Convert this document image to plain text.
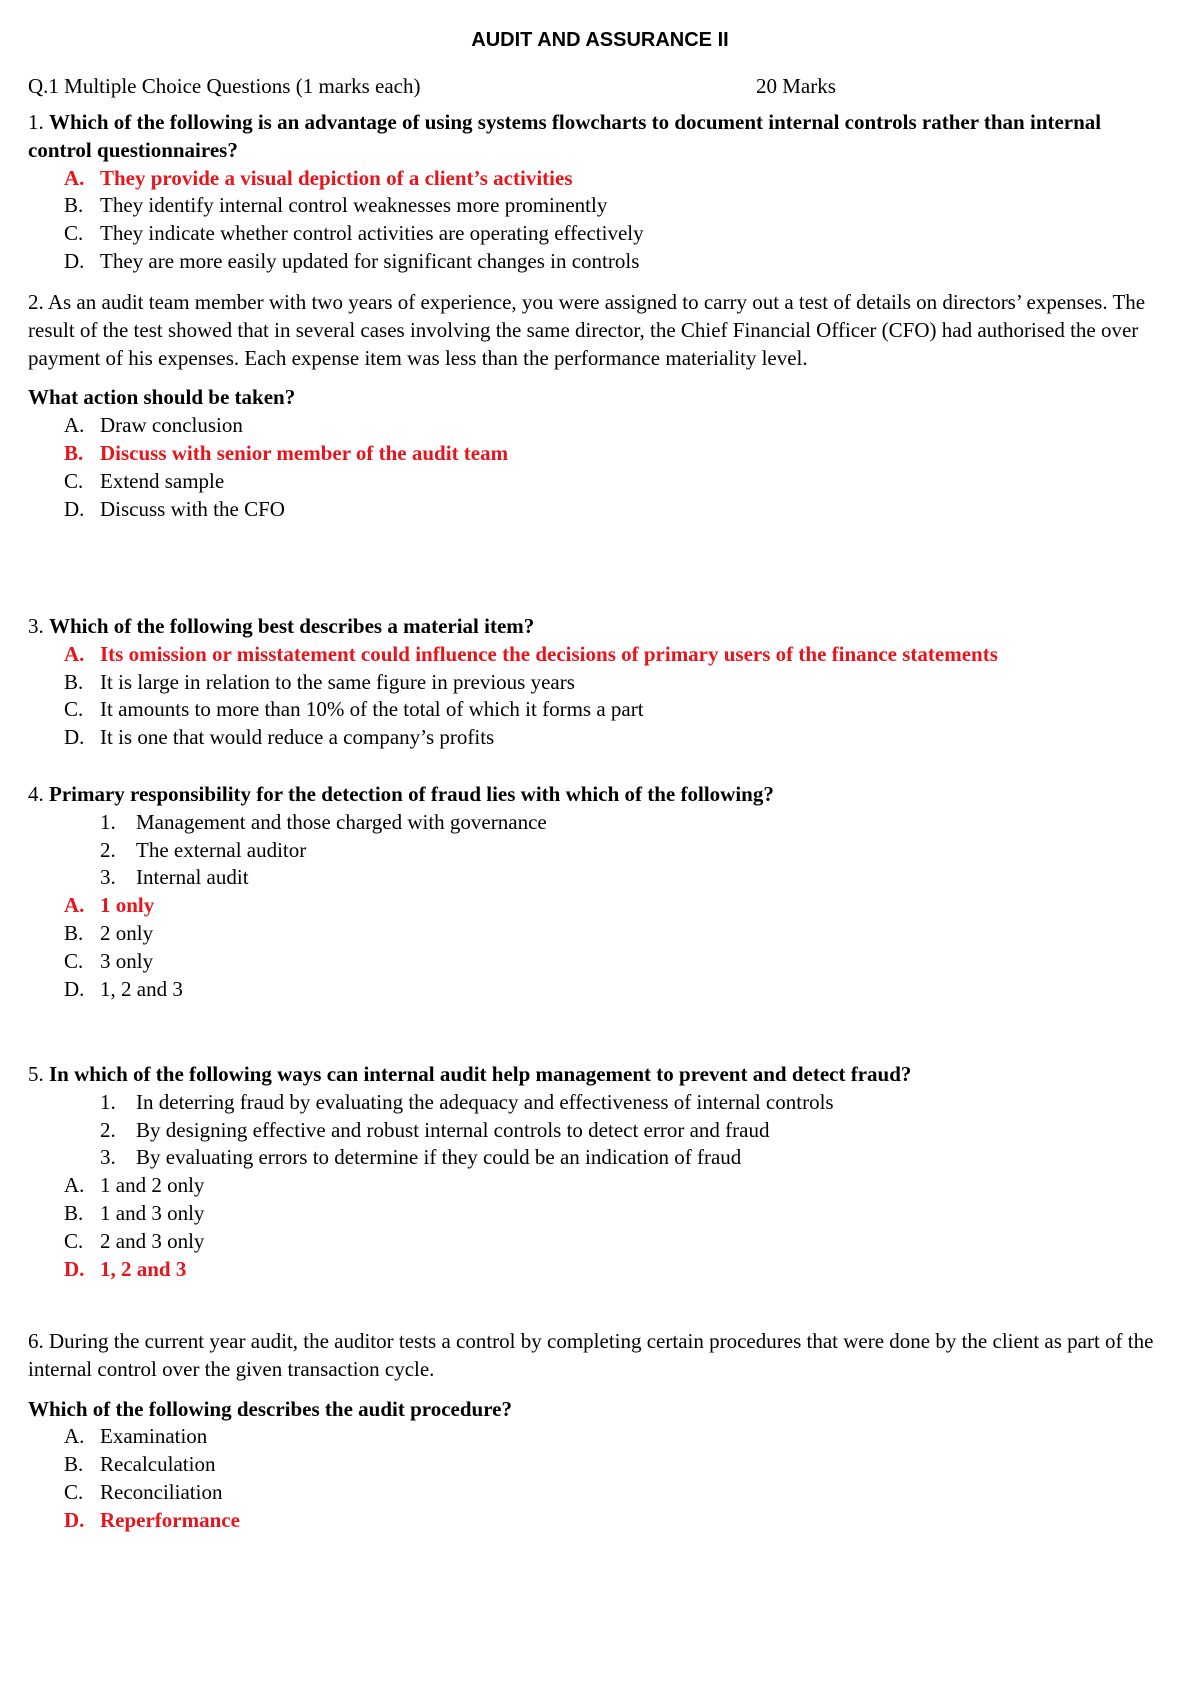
AUDIT AND ASSURANCE II
Q.1 Multiple Choice Questions (1 marks each)	20 Marks

1. Which of the following is an advantage of using systems flowcharts to document internal controls rather than internal control questionnaires?

A. They provide a visual depiction of a client’s activities
B. They identify internal control weaknesses more prominently
C. They indicate whether control activities are operating effectively
D. They are more easily updated for significant changes in controls

2. As an audit team member with two years of experience, you were assigned to carry out a test of details on directors’ expenses. The result of the test showed that in several cases involving the same director, the Chief Financial Officer (CFO) had authorised the over payment of his expenses. Each expense item was less than the performance materiality level.

What action should be taken?

A. Draw conclusion
B. Discuss with senior member of the audit team
C. Extend sample
D. Discuss with the CFO

3. Which of the following best describes a material item?

A. Its omission or misstatement could influence the decisions of primary users of the finance statements
B. It is large in relation to the same figure in previous years
C. It amounts to more than 10% of the total of which it forms a part
D. It is one that would reduce a company’s profits

4. Primary responsibility for the detection of fraud lies with which of the following?

1. Management and those charged with governance
2. The external auditor
3. Internal audit
A. 1 only
B. 2 only
C. 3 only
D. 1, 2 and 3

5. In which of the following ways can internal audit help management to prevent and detect fraud?

1. In deterring fraud by evaluating the adequacy and effectiveness of internal controls
2. By designing effective and robust internal controls to detect error and fraud
3. By evaluating errors to determine if they could be an indication of fraud
A. 1 and 2 only
B. 1 and 3 only
C. 2 and 3 only
D. 1, 2 and 3

6. During the current year audit, the auditor tests a control by completing certain procedures that were done by the client as part of the internal control over the given transaction cycle.

Which of the following describes the audit procedure?

A. Examination
B. Recalculation
C. Reconciliation
D. Reperformance
